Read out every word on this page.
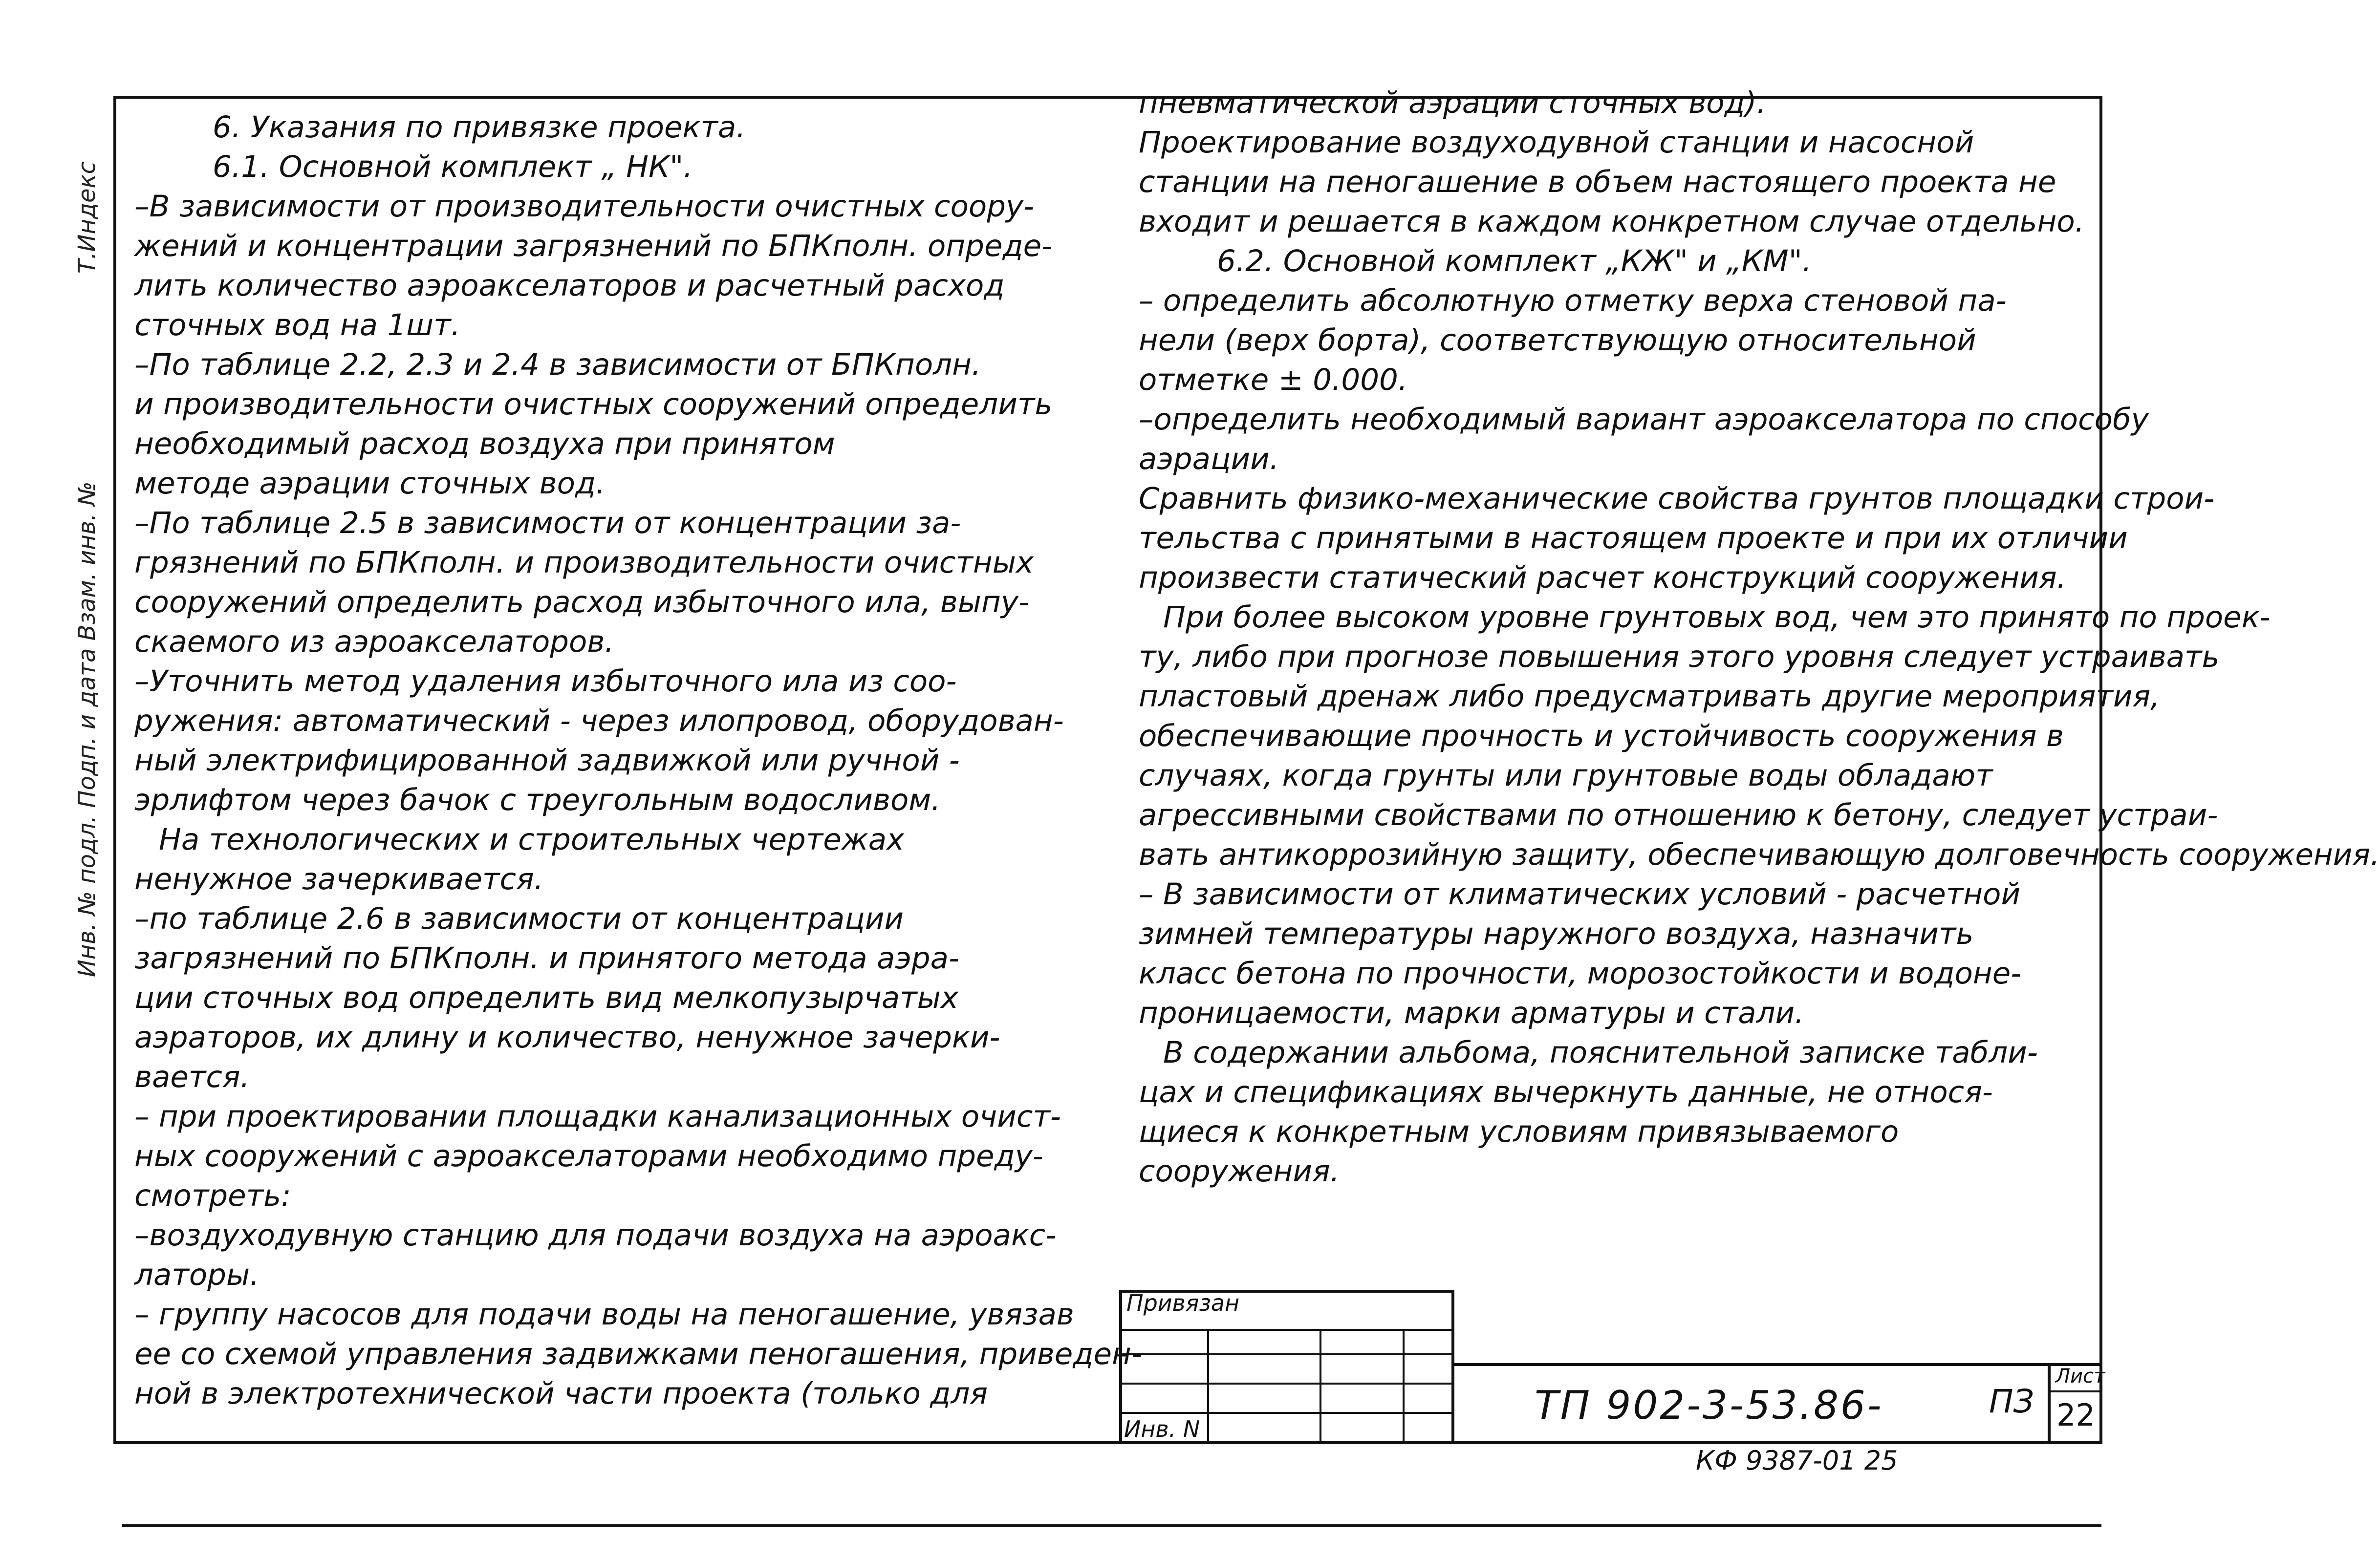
Т.Индекс
Инв. № подл. Подп. и дата Взам. инв. №
6. Указания по привязке проекта.
6.1. Основной комплект „ НК".
–В зависимости от производительности очистных соору-
жений и концентрации загрязнений по БПКполн. опреде-
лить количество аэроакселаторов и расчетный расход
сточных вод на 1шт.
–По таблице 2.2, 2.3 и 2.4 в зависимости от БПКполн.
и производительности очистных сооружений определить
необходимый расход воздуха при принятом
методе аэрации сточных вод.
–По таблице 2.5 в зависимости от концентрации за-
грязнений по БПКполн. и производительности очистных
сооружений определить расход избыточного ила, выпу-
скаемого из аэроакселаторов.
–Уточнить метод удаления избыточного ила из соо-
ружения: автоматический - через илопровод, оборудован-
ный электрифицированной задвижкой или ручной -
эрлифтом через бачок с треугольным водосливом.
На технологических и строительных чертежах
ненужное зачеркивается.
–по таблице 2.6 в зависимости от концентрации
загрязнений по БПКполн. и принятого метода аэра-
ции сточных вод определить вид мелкопузырчатых
аэраторов, их длину и количество, ненужное зачерки-
вается.
– при проектировании площадки канализационных очист-
ных сооружений с аэроакселаторами необходимо преду-
смотреть:
–воздуходувную станцию для подачи воздуха на аэроакс-
латоры.
– группу насосов для подачи воды на пеногашение, увязав
ее со схемой управления задвижками пеногашения, приведен-
ной в электротехнической части проекта (только для
пневматической аэрации сточных вод).
Проектирование воздуходувной станции и насосной
станции на пеногашение в объем настоящего проекта не
входит и решается в каждом конкретном случае отдельно.
6.2. Основной комплект „КЖ" и „КМ".
– определить абсолютную отметку верха стеновой па-
нели (верх борта), соответствующую относительной
отметке ± 0.000.
–определить необходимый вариант аэроакселатора по способу
аэрации.
Сравнить физико-механические свойства грунтов площадки строи-
тельства с принятыми в настоящем проекте и при их отличии
произвести статический расчет конструкций сооружения.
При более высоком уровне грунтовых вод, чем это принято по проек-
ту, либо при прогнозе повышения этого уровня следует устраивать
пластовый дренаж либо предусматривать другие мероприятия,
обеспечивающие прочность и устойчивость сооружения в
случаях, когда грунты или грунтовые воды обладают
агрессивными свойствами по отношению к бетону, следует устраи-
вать антикоррозийную защиту, обеспечивающую долговечность сооружения.
– В зависимости от климатических условий - расчетной
зимней температуры наружного воздуха, назначить
класс бетона по прочности, морозостойкости и водоне-
проницаемости, марки арматуры и стали.
В содержании альбома, пояснительной записке табли-
цах и спецификациях вычеркнуть данные, не относя-
щиеся к конкретным условиям привязываемого
сооружения.
Привязан
Инв. N
ТП 902-3-53.86-	ПЗ
Лист
22
КФ 9387-01 25
